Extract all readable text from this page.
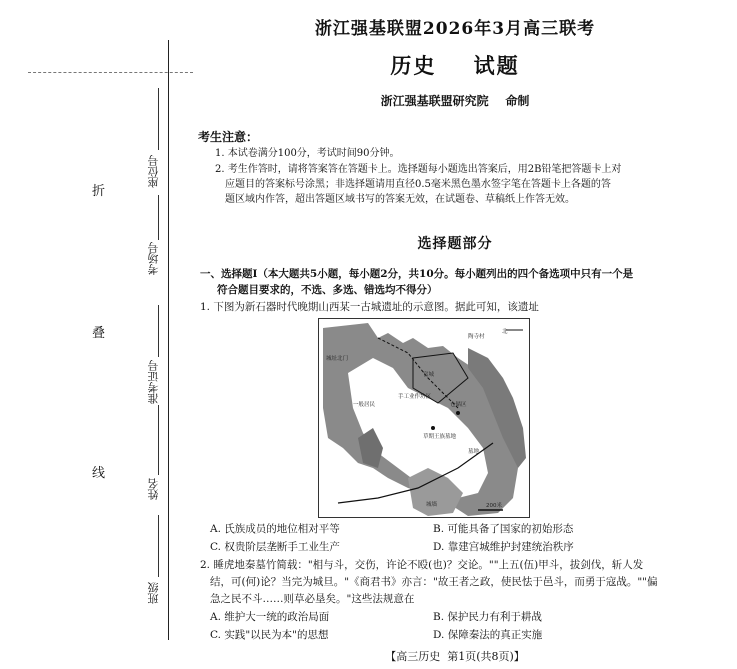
折
叠
线
座位号
考场号
准考证号
姓名
班级
浙江强基联盟2026年3月高三联考
历史    试题
浙江强基联盟研究院    命制
考生注意：
1. 本试卷满分100分，考试时间90分钟。
2. 考生作答时，请将答案答在答题卡上。选择题每小题选出答案后，用2B铅笔把答题卡上对
应题目的答案标号涂黑；非选择题请用直径0.5毫米黑色墨水签字笔在答题卡上各题的答
题区域内作答，超出答题区域书写的答案无效，在试题卷、草稿纸上作答无效。
选择题部分
一、选择题Ⅰ（本大题共5小题，每小题2分，共10分。每小题列出的四个备选项中只有一个是
符合题目要求的，不选、多选、错选均不得分）
1. 下图为新石器时代晚期山西某一古城遗址的示意图。据此可知，该遗址
北
陶寺村
城址北门
宫城
一般居民	仓储区
手工业作坊区
草期王族墓地
墓地
城墙	200米
A. 氏族成员的地位相对平等	B. 可能具备了国家的初始形态
C. 权贵阶层垄断手工业生产	D. 靠建宫城维护封建统治秩序
2. 睡虎地秦墓竹简载："相与斗，交伤，许论不殴(也)？交论。""上五(伍)甲斗，拔剑伐，斩人发
结，可(何)论？当完为城旦。"《商君书》亦言："故王者之政，使民怯于邑斗，而勇于寇战。""偏
急之民不斗……则草必垦矣。"这些法规意在
A. 维护大一统的政治局面	B. 保护民力有利于耕战
C. 实践"以民为本"的思想	D. 保障秦法的真正实施
【高三历史  第1页(共8页)】
